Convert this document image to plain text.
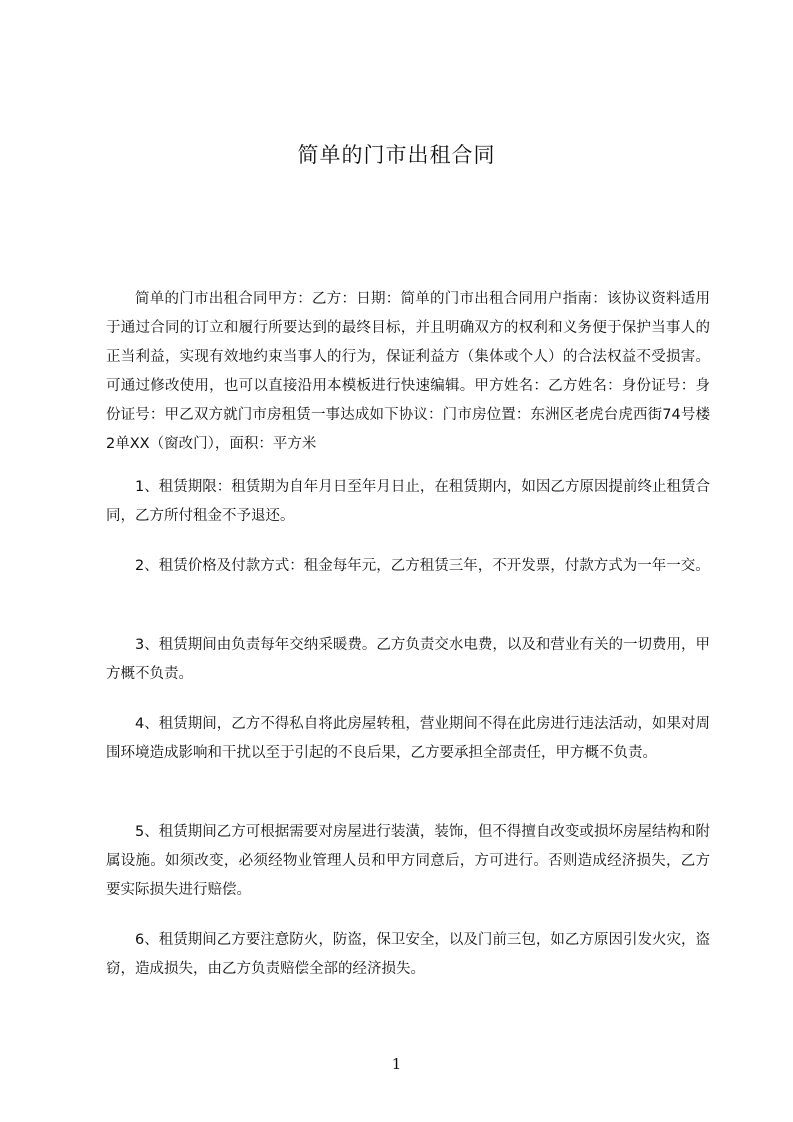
简单的门市出租合同

简单的门市出租合同甲方：乙方：日期：简单的门市出租合同用户指南：该协议资料适用于通过合同的订立和履行所要达到的最终目标，并且明确双方的权利和义务便于保护当事人的正当利益，实现有效地约束当事人的行为，保证利益方（集体或个人）的合法权益不受损害。可通过修改使用，也可以直接沿用本模板进行快速编辑。甲方姓名：乙方姓名：身份证号：身份证号：甲乙双方就门市房租赁一事达成如下协议：门市房位置：东洲区老虎台虎西街74号楼2单XX（窗改门），面积：平方米

1、租赁期限：租赁期为自年月日至年月日止，在租赁期内，如因乙方原因提前终止租赁合同，乙方所付租金不予退还。

2、租赁价格及付款方式：租金每年元，乙方租赁三年，不开发票，付款方式为一年一交。

3、租赁期间由负责每年交纳采暖费。乙方负责交水电费，以及和营业有关的一切费用，甲方概不负责。

4、租赁期间，乙方不得私自将此房屋转租，营业期间不得在此房进行违法活动，如果对周围环境造成影响和干扰以至于引起的不良后果，乙方要承担全部责任，甲方概不负责。

5、租赁期间乙方可根据需要对房屋进行装潢，装饰，但不得擅自改变或损坏房屋结构和附属设施。如须改变，必须经物业管理人员和甲方同意后，方可进行。否则造成经济损失，乙方要实际损失进行赔偿。

6、租赁期间乙方要注意防火，防盗，保卫安全，以及门前三包，如乙方原因引发火灾，盗窃，造成损失，由乙方负责赔偿全部的经济损失。

1
